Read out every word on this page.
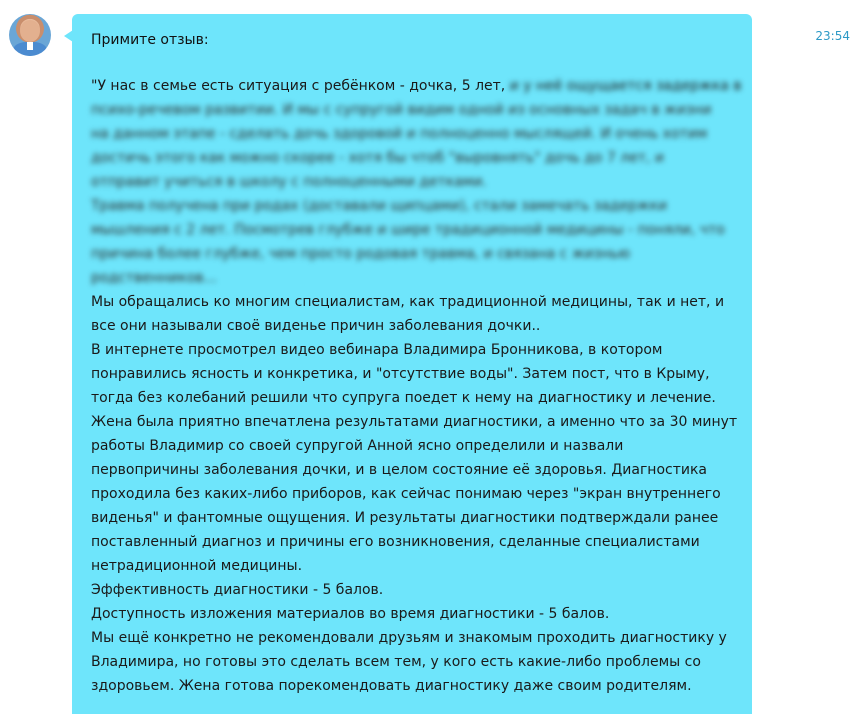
Примите отзыв:

"У нас в семье есть ситуация с ребёнком - дочка, 5 лет, и у неё ощущается задержка в
психо-речевом развитии. И мы с супругой видим одной из основных задач в жизни
на данном этапе - сделать дочь здоровой и полноценно мыслящей. И очень хотим
достичь этого как можно скорее - хотя бы чтоб "выровнять" дочь до 7 лет, и
отправит учиться в школу с полноценными детками.
Травма получена при родах (доставали щипцами), стали замечать задержки
мышления с 2 лет. Посмотрев глубже и шире традиционной медицины - поняли, что
причина более глубже, чем просто родовая травма, и связана с жизнью
родственников...
Мы обращались ко многим специалистам, как традиционной медицины, так и нет, и
все они называли своё виденье причин заболевания дочки..
В интернете просмотрел видео вебинара Владимира Бронникова, в котором
понравились ясность и конкретика, и "отсутствие воды". Затем пост, что в Крыму,
тогда без колебаний решили что супруга поедет к нему на диагностику и лечение.
Жена была приятно впечатлена результатами диагностики, а именно что за 30 минут
работы Владимир со своей супругой Анной ясно определили и назвали
первопричины заболевания дочки, и в целом состояние её здоровья. Диагностика
проходила без каких-либо приборов, как сейчас понимаю через "экран внутреннего
виденья" и фантомные ощущения. И результаты диагностики подтверждали ранее
поставленный диагноз и причины его возникновения, сделанные специалистами
нетрадиционной медицины.
Эффективность диагностики - 5 балов.
Доступность изложения материалов во время диагностики - 5 балов.
Мы ещё конкретно не рекомендовали друзьям и знакомым проходить диагностику у
Владимира, но готовы это сделать всем тем, у кого есть какие-либо проблемы со
здоровьем. Жена готова порекомендовать диагностику даже своим родителям.
23:54
